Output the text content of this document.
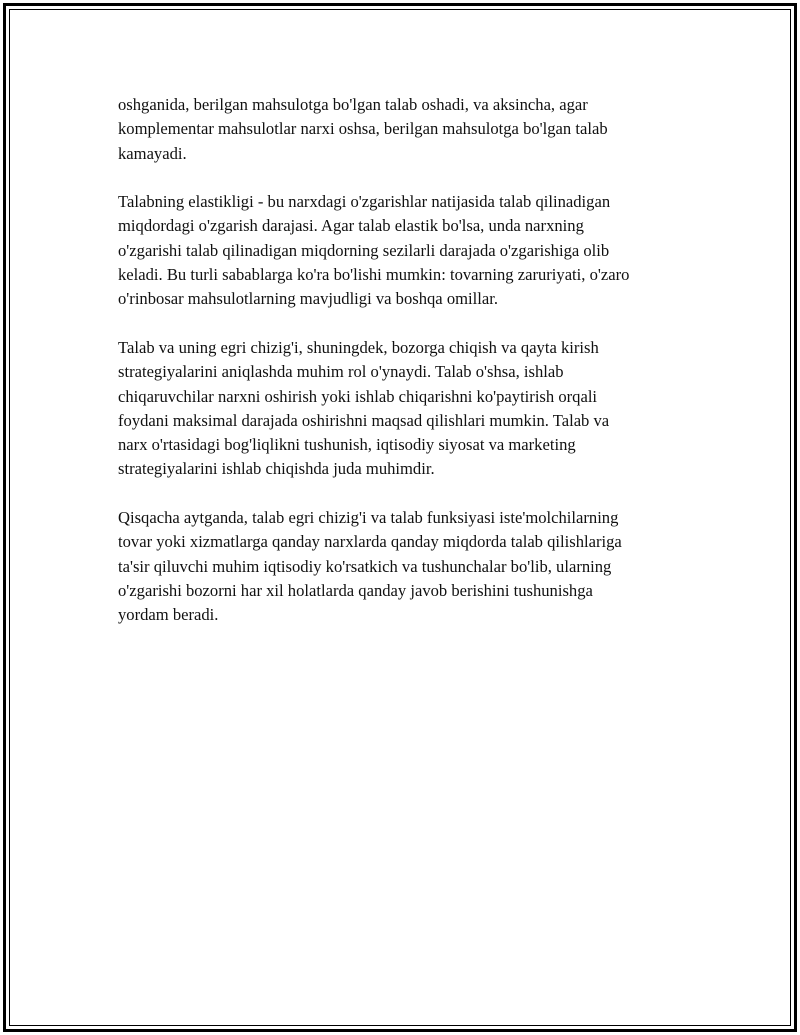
oshganida, berilgan mahsulotga bo'lgan talab oshadi, va aksincha, agar
komplementar mahsulotlar narxi oshsa, berilgan mahsulotga bo'lgan talab
kamayadi.

Talabning elastikligi - bu narxdagi o'zgarishlar natijasida talab qilinadigan
miqdordagi o'zgarish darajasi. Agar talab elastik bo'lsa, unda narxning
o'zgarishi talab qilinadigan miqdorning sezilarli darajada o'zgarishiga olib
keladi. Bu turli sabablarga ko'ra bo'lishi mumkin: tovarning zaruriyati, o'zaro
o'rinbosar mahsulotlarning mavjudligi va boshqa omillar.

Talab va uning egri chizig'i, shuningdek, bozorga chiqish va qayta kirish
strategiyalarini aniqlashda muhim rol o'ynaydi. Talab o'shsa, ishlab
chiqaruvchilar narxni oshirish yoki ishlab chiqarishni ko'paytirish orqali
foydani maksimal darajada oshirishni maqsad qilishlari mumkin. Talab va
narx o'rtasidagi bog'liqlikni tushunish, iqtisodiy siyosat va marketing
strategiyalarini ishlab chiqishda juda muhimdir.

Qisqacha aytganda, talab egri chizig'i va talab funksiyasi iste'molchilarning
tovar yoki xizmatlarga qanday narxlarda qanday miqdorda talab qilishlariga
ta'sir qiluvchi muhim iqtisodiy ko'rsatkich va tushunchalar bo'lib, ularning
o'zgarishi bozorni har xil holatlarda qanday javob berishini tushunishga
yordam beradi.
